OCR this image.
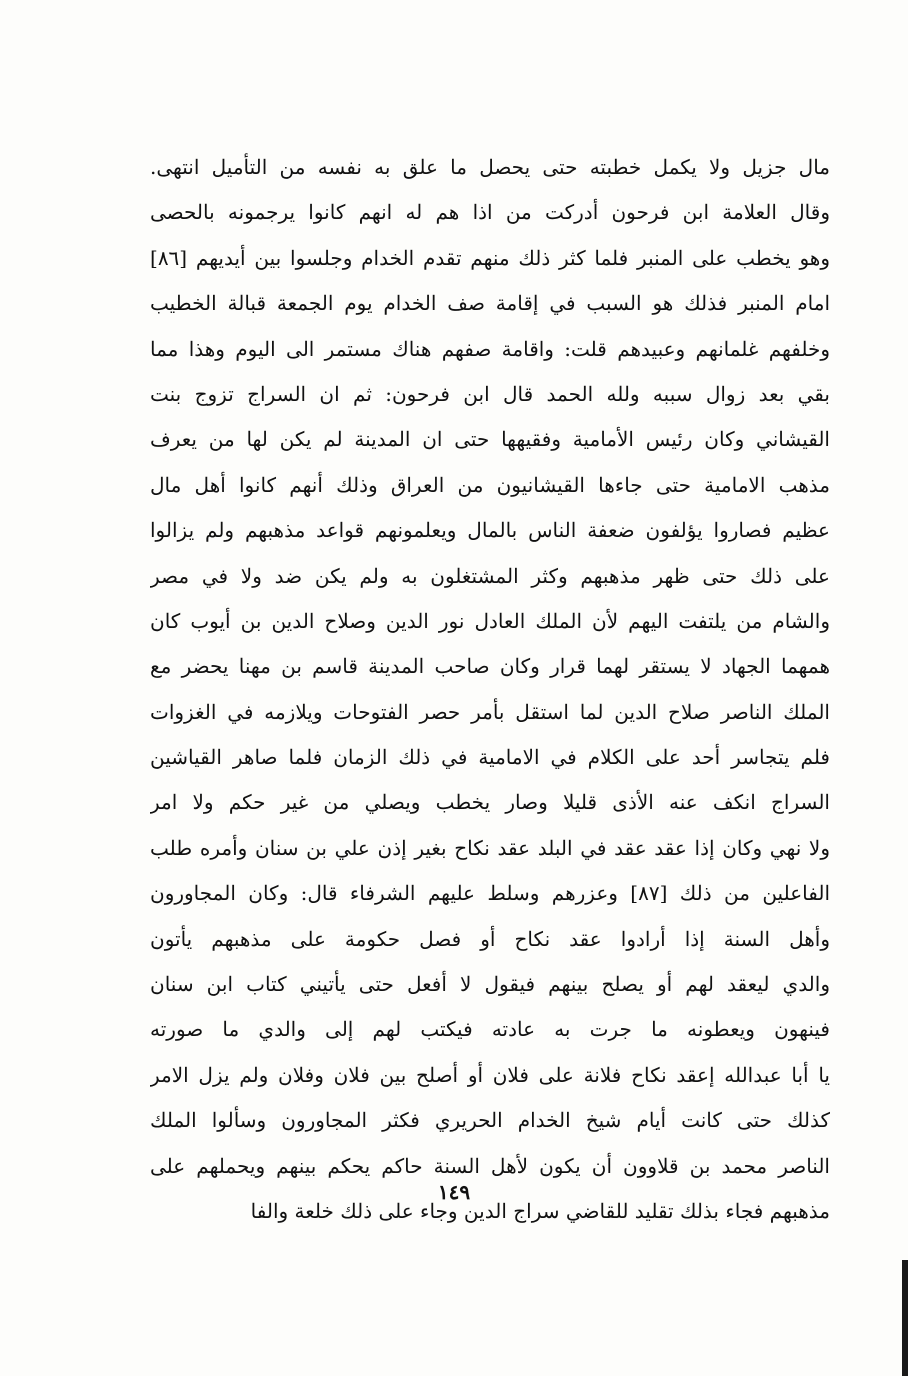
مال جزيل ولا يكمل خطبته حتى يحصل ما علق به نفسه من التأميل انتهى.
وقال العلامة ابن فرحون أدركت من اذا هم له انهم كانوا يرجمونه بالحصى
وهو يخطب على المنبر فلما كثر ذلك منهم تقدم الخدام وجلسوا بين أيديهم [٨٦]
امام المنبر فذلك هو السبب في إقامة صف الخدام يوم الجمعة قبالة الخطيب
وخلفهم غلمانهم وعبيدهم قلت: واقامة صفهم هناك مستمر الى اليوم وهذا مما
بقي بعد زوال سببه ولله الحمد قال ابن فرحون: ثم ان السراج تزوج بنت
القيشاني وكان رئيس الأمامية وفقيهها حتى ان المدينة لم يكن لها من يعرف
مذهب الامامية حتى جاءها القيشانيون من العراق وذلك أنهم كانوا أهل مال
عظيم فصاروا يؤلفون ضعفة الناس بالمال ويعلمونهم قواعد مذهبهم ولم يزالوا
على ذلك حتى ظهر مذهبهم وكثر المشتغلون به ولم يكن ضد ولا في مصر
والشام من يلتفت اليهم لأن الملك العادل نور الدين وصلاح الدين بن أيوب كان
همهما الجهاد لا يستقر لهما قرار وكان صاحب المدينة قاسم بن مهنا يحضر مع
الملك الناصر صلاح الدين لما استقل بأمر حصر الفتوحات ويلازمه في الغزوات
فلم يتجاسر أحد على الكلام في الامامية في ذلك الزمان فلما صاهر القياشين
السراج انكف عنه الأذى قليلا وصار يخطب ويصلي من غير حكم ولا امر
ولا نهي وكان إذا عقد عقد في البلد عقد نكاح بغير إذن علي بن سنان وأمره طلب
الفاعلين من ذلك [٨٧] وعزرهم وسلط عليهم الشرفاء قال: وكان المجاورون
وأهل السنة إذا أرادوا عقد نكاح أو فصل حكومة على مذهبهم يأتون
والدي ليعقد لهم أو يصلح بينهم فيقول لا أفعل حتى يأتيني كتاب ابن سنان
فينهون ويعطونه ما جرت به عادته فيكتب لهم إلى والدي ما صورته
يا أبا عبدالله إعقد نكاح فلانة على فلان أو أصلح بين فلان وفلان ولم يزل الامر
كذلك حتى كانت أيام شيخ الخدام الحريري فكثر المجاورون وسألوا الملك
الناصر محمد بن قلاوون أن يكون لأهل السنة حاكم يحكم بينهم ويحملهم على
مذهبهم فجاء بذلك تقليد للقاضي سراج الدين وجاء على ذلك خلعة والفا
١٤٩
